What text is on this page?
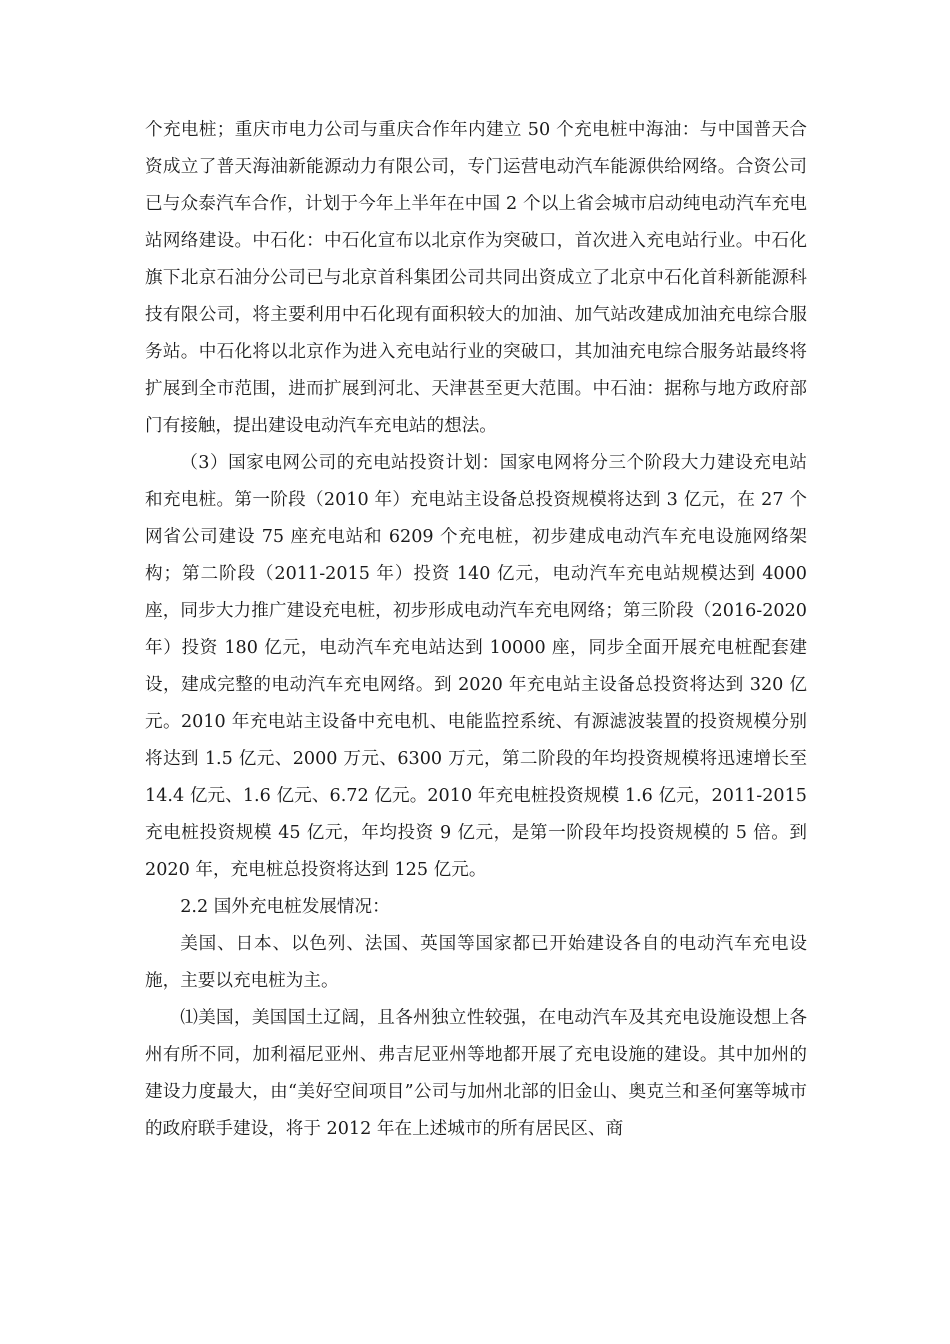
个充电桩；重庆市电力公司与重庆合作年内建立 50 个充电桩中海油：与中国普天合资成立了普天海油新能源动力有限公司，专门运营电动汽车能源供给网络。合资公司已与众泰汽车合作，计划于今年上半年在中国 2 个以上省会城市启动纯电动汽车充电站网络建设。中石化：中石化宣布以北京作为突破口，首次进入充电站行业。中石化旗下北京石油分公司已与北京首科集团公司共同出资成立了北京中石化首科新能源科技有限公司，将主要利用中石化现有面积较大的加油、加气站改建成加油充电综合服务站。中石化将以北京作为进入充电站行业的突破口，其加油充电综合服务站最终将扩展到全市范围，进而扩展到河北、天津甚至更大范围。中石油：据称与地方政府部门有接触，提出建设电动汽车充电站的想法。

（3）国家电网公司的充电站投资计划：国家电网将分三个阶段大力建设充电站和充电桩。第一阶段（2010 年）充电站主设备总投资规模将达到 3 亿元，在 27 个网省公司建设 75 座充电站和 6209 个充电桩，初步建成电动汽车充电设施网络架构；第二阶段（2011-2015 年）投资 140 亿元，电动汽车充电站规模达到 4000 座，同步大力推广建设充电桩，初步形成电动汽车充电网络；第三阶段（2016-2020 年）投资 180 亿元，电动汽车充电站达到 10000 座，同步全面开展充电桩配套建设，建成完整的电动汽车充电网络。到 2020 年充电站主设备总投资将达到 320 亿元。2010 年充电站主设备中充电机、电能监控系统、有源滤波装置的投资规模分别将达到 1.5 亿元、2000 万元、6300 万元，第二阶段的年均投资规模将迅速增长至 14.4 亿元、1.6 亿元、6.72 亿元。2010 年充电桩投资规模 1.6 亿元，2011-2015 充电桩投资规模 45 亿元，年均投资 9 亿元，是第一阶段年均投资规模的 5 倍。到 2020 年，充电桩总投资将达到 125 亿元。

2.2 国外充电桩发展情况：

美国、日本、以色列、法国、英国等国家都已开始建设各自的电动汽车充电设施，主要以充电桩为主。

⑴美国，美国国土辽阔，且各州独立性较强，在电动汽车及其充电设施设想上各州有所不同，加利福尼亚州、弗吉尼亚州等地都开展了充电设施的建设。其中加州的建设力度最大，由“美好空间项目”公司与加州北部的旧金山、奥克兰和圣何塞等城市的政府联手建设，将于 2012 年在上述城市的所有居民区、商
